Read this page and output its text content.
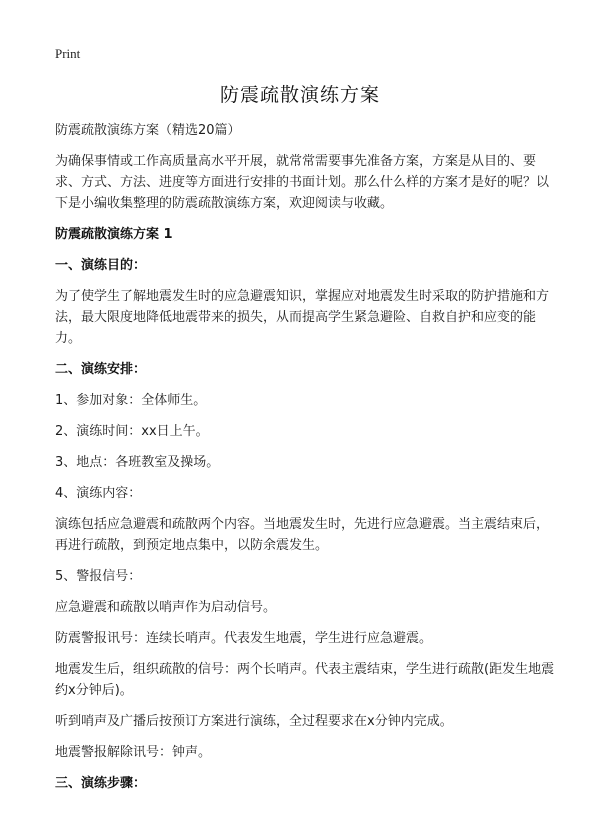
Print
防震疏散演练方案

防震疏散演练方案（精选20篇）

为确保事情或工作高质量高水平开展，就常常需要事先准备方案，方案是从目的、要求、方式、方法、进度等方面进行安排的书面计划。那么什么样的方案才是好的呢？以下是小编收集整理的防震疏散演练方案，欢迎阅读与收藏。

防震疏散演练方案 1

一、演练目的：

为了使学生了解地震发生时的应急避震知识，掌握应对地震发生时采取的防护措施和方法，最大限度地降低地震带来的损失，从而提高学生紧急避险、自救自护和应变的能力。

二、演练安排：

1、参加对象：全体师生。

2、演练时间：xx日上午。

3、地点：各班教室及操场。

4、演练内容：

演练包括应急避震和疏散两个内容。当地震发生时，先进行应急避震。当主震结束后，再进行疏散，到预定地点集中，以防余震发生。

5、警报信号：

应急避震和疏散以哨声作为启动信号。

防震警报讯号：连续长哨声。代表发生地震，学生进行应急避震。

地震发生后，组织疏散的信号：两个长哨声。代表主震结束，学生进行疏散(距发生地震约x分钟后)。

听到哨声及广播后按预订方案进行演练，全过程要求在x分钟内完成。

地震警报解除讯号：钟声。

三、演练步骤：
